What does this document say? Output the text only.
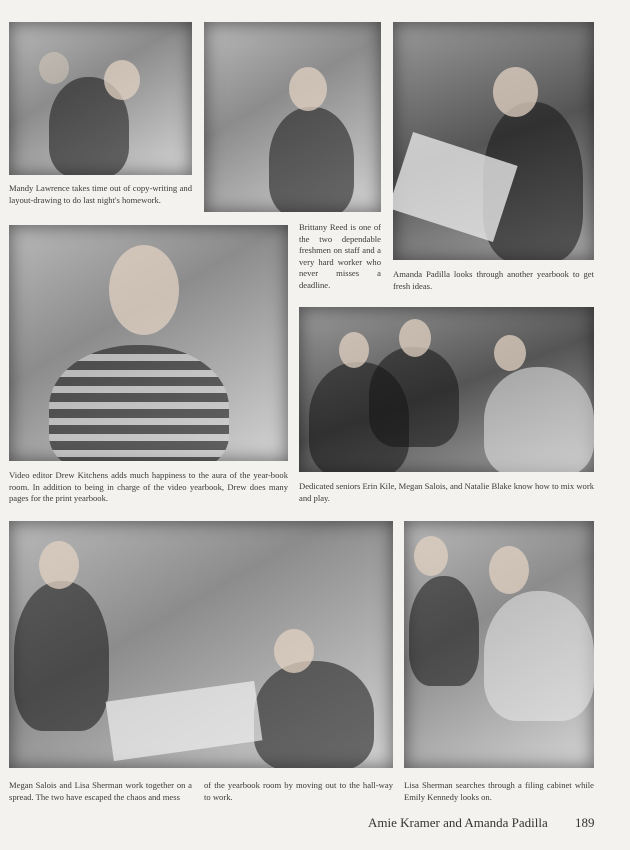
Mandy Lawrence takes time out of copy-writing and layout-drawing to do last night's homework.
Brittany Reed is one of the two dependable freshmen on staff and a very hard worker who never misses a deadline.
Amanda Padilla looks through another yearbook to get fresh ideas.
Video editor Drew Kitchens adds much happiness to the aura of the year-book room. In addition to being in charge of the video yearbook, Drew does many pages for the print yearbook.
Dedicated seniors Erin Kile, Megan Salois, and Natalie Blake know how to mix work and play.
Megan Salois and Lisa Sherman work together on a spread. The two have escaped the chaos and mess
of the yearbook room by moving out to the hall-way to work.
Lisa Sherman searches through a filing cabinet while Emily Kennedy looks on.
Amie Kramer and Amanda Padilla 189
